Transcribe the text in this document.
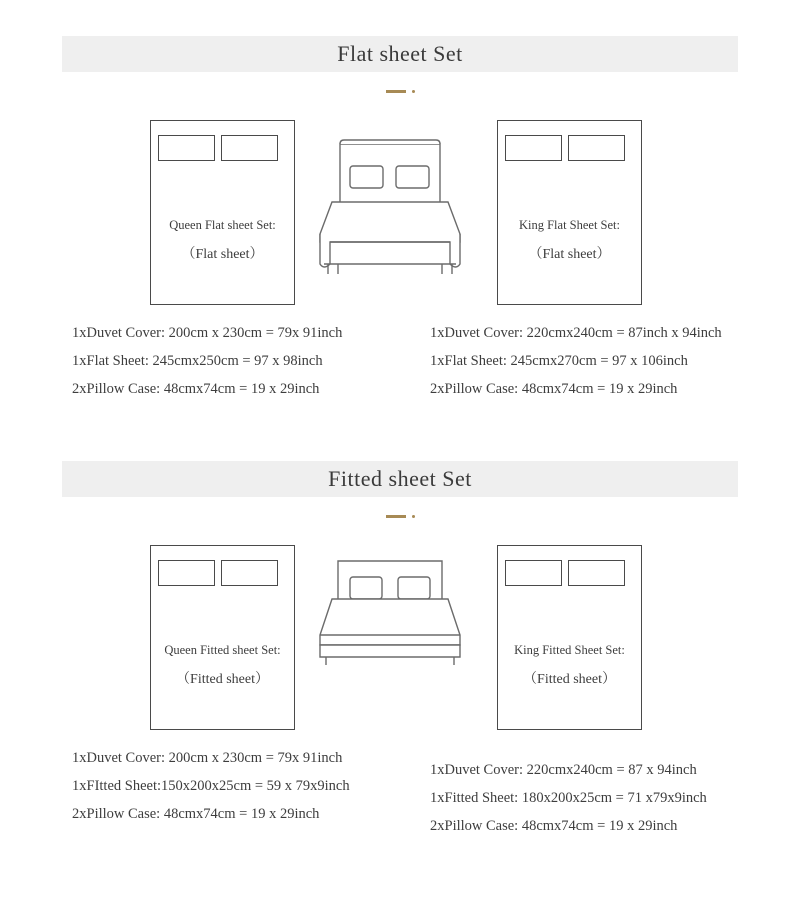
Flat sheet Set
Queen Flat sheet Set:
（Flat sheet）
King Flat Sheet Set:
（Flat sheet）
1xDuvet Cover: 200cm x 230cm = 79x 91inch
1xFlat Sheet: 245cmx250cm = 97 x 98inch
2xPillow Case: 48cmx74cm = 19 x 29inch
1xDuvet Cover: 220cmx240cm = 87inch x 94inch
1xFlat Sheet: 245cmx270cm = 97 x 106inch
2xPillow Case: 48cmx74cm = 19 x 29inch
Fitted sheet Set
Queen Fitted sheet Set:
（Fitted sheet）
King Fitted Sheet Set:
（Fitted sheet）
1xDuvet Cover: 200cm x 230cm = 79x 91inch
1xFItted Sheet:150x200x25cm = 59 x 79x9inch
2xPillow Case: 48cmx74cm = 19 x 29inch
1xDuvet Cover: 220cmx240cm = 87 x 94inch
1xFitted Sheet: 180x200x25cm = 71 x79x9inch
2xPillow Case: 48cmx74cm = 19 x 29inch
